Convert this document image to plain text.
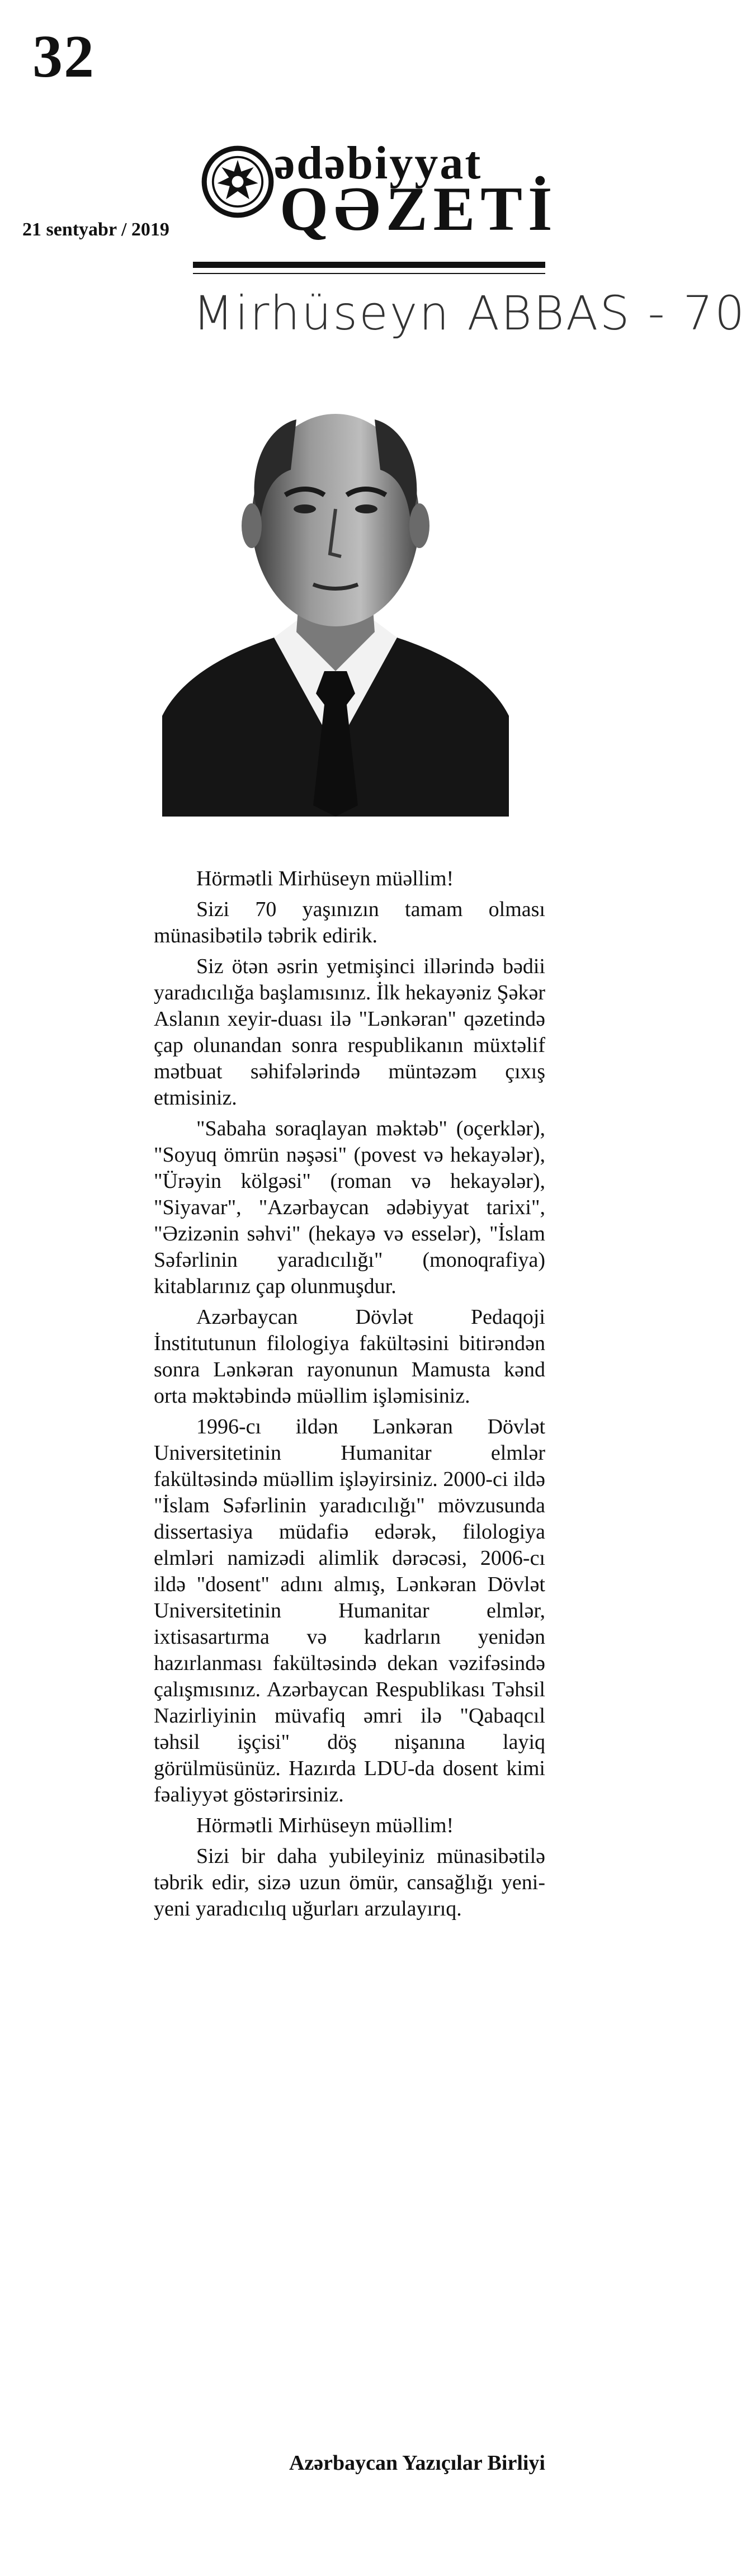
32
ədəbiyyat
QƏZETİ
21 sentyabr / 2019
Mirhüseyn ABBAS - 70

Hörmətli Mirhüseyn müəllim!

Sizi 70 yaşınızın tamam olması münasibətilə təbrik edirik.

Siz ötən əsrin yetmişinci illərində bədii yaradıcılığa başlamısınız. İlk hekayəniz Şəkər Aslanın xeyir-duası ilə "Lənkəran" qəzetində çap olunandan sonra respublikanın müxtəlif mətbuat səhifələrində müntəzəm çıxış etmisiniz.

"Sabaha soraqlayan məktəb" (oçerklər), "Soyuq ömrün nəşəsi" (povest və hekayələr), "Ürəyin kölgəsi" (roman və hekayələr), "Siyavar", "Azərbaycan ədəbiyyat tarixi", "Əzizənin səhvi" (hekayə və esselər), "İslam Səfərlinin yaradıcılığı" (monoqrafiya) kitablarınız çap olunmuşdur.

Azərbaycan Dövlət Pedaqoji İnstitutunun filologiya fakültəsini bitirəndən sonra Lənkəran rayonunun Mamusta kənd orta məktəbində müəllim işləmisiniz.

1996-cı ildən Lənkəran Dövlət Universitetinin Humanitar elmlər fakültəsində müəllim işləyirsiniz. 2000-ci ildə "İslam Səfərlinin yaradıcılığı" mövzusunda dissertasiya müdafiə edərək, filologiya elmləri namizədi alimlik dərəcəsi, 2006-cı ildə "dosent" adını almış, Lənkəran Dövlət Universitetinin Humanitar elmlər, ixtisasartırma və kadrların yenidən hazırlanması fakültəsində dekan vəzifəsində çalışmısınız. Azərbaycan Respublikası Təhsil Nazirliyinin müvafiq əmri ilə "Qabaqcıl təhsil işçisi" döş nişanına layiq görülmüsünüz. Hazırda LDU-da dosent kimi fəaliyyət göstərirsiniz.

Hörmətli Mirhüseyn müəllim!

Sizi bir daha yubileyiniz münasibətilə təbrik edir, sizə uzun ömür, cansağlığı yeni-yeni yaradıcılıq uğurları arzulayırıq.

Azərbaycan Yazıçılar Birliyi
